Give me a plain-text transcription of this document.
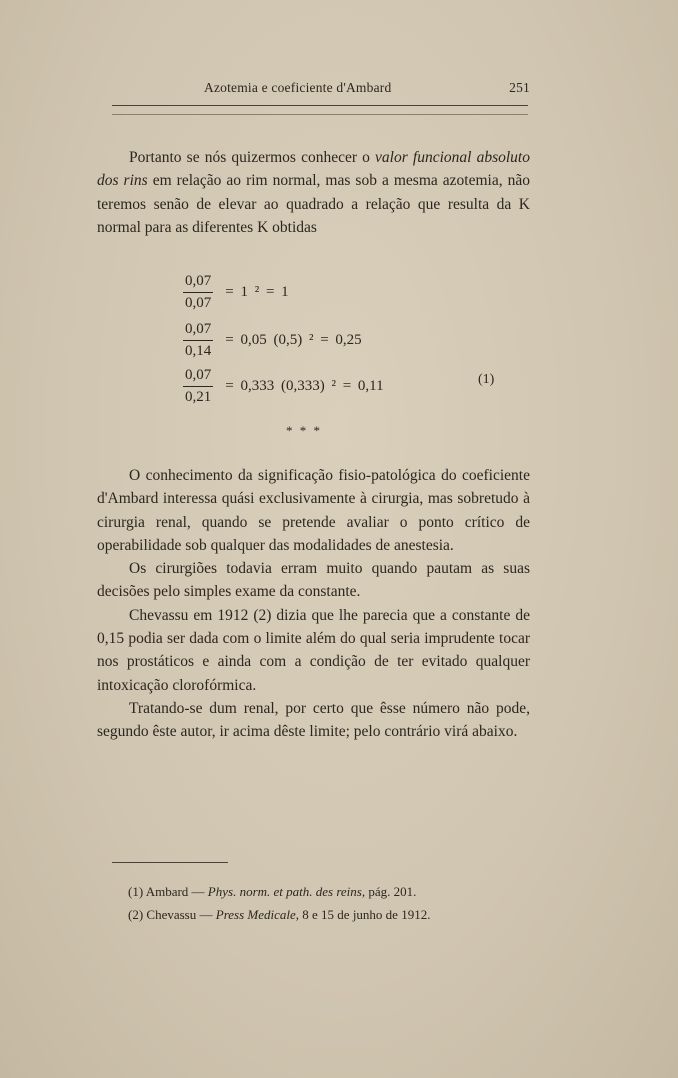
Azotemia e coeficiente d'Ambard	251

Portanto se nós quizermos conhecer o valor funcional absoluto dos rins em relação ao rim normal, mas sob a mesma azotemia, não teremos senão de elevar ao quadrado a relação que resulta da K normal para as diferentes K obtidas

$\frac{0,07}{0,07} = 1$ ² = 1
$\frac{0,07}{0,14} = 0,05$ (0,5) ² = 0,25
$\frac{0,07}{0,21} = 0,333$ (0,333) ² = 0,11	(1)
* * *

O conhecimento da significação fisio-patológica do coeficiente d'Ambard interessa quási exclusivamente à cirurgia, mas sobretudo à cirurgia renal, quando se pretende avaliar o ponto crítico de operabilidade sob qualquer das modalidades de anestesia.

Os cirurgiões todavia erram muito quando pautam as suas decisões pelo simples exame da constante.

Chevassu em 1912 (2) dizia que lhe parecia que a constante de 0,15 podia ser dada com o limite além do qual seria imprudente tocar nos prostáticos e ainda com a condição de ter evitado qualquer intoxicação clorofórmica.

Tratando-se dum renal, por certo que êsse número não pode, segundo êste autor, ir acima dêste limite; pelo contrário virá abaixo.

(1) Ambard — Phys. norm. et path. des reins, pág. 201.
(2) Chevassu — Press Medicale, 8 e 15 de junho de 1912.
